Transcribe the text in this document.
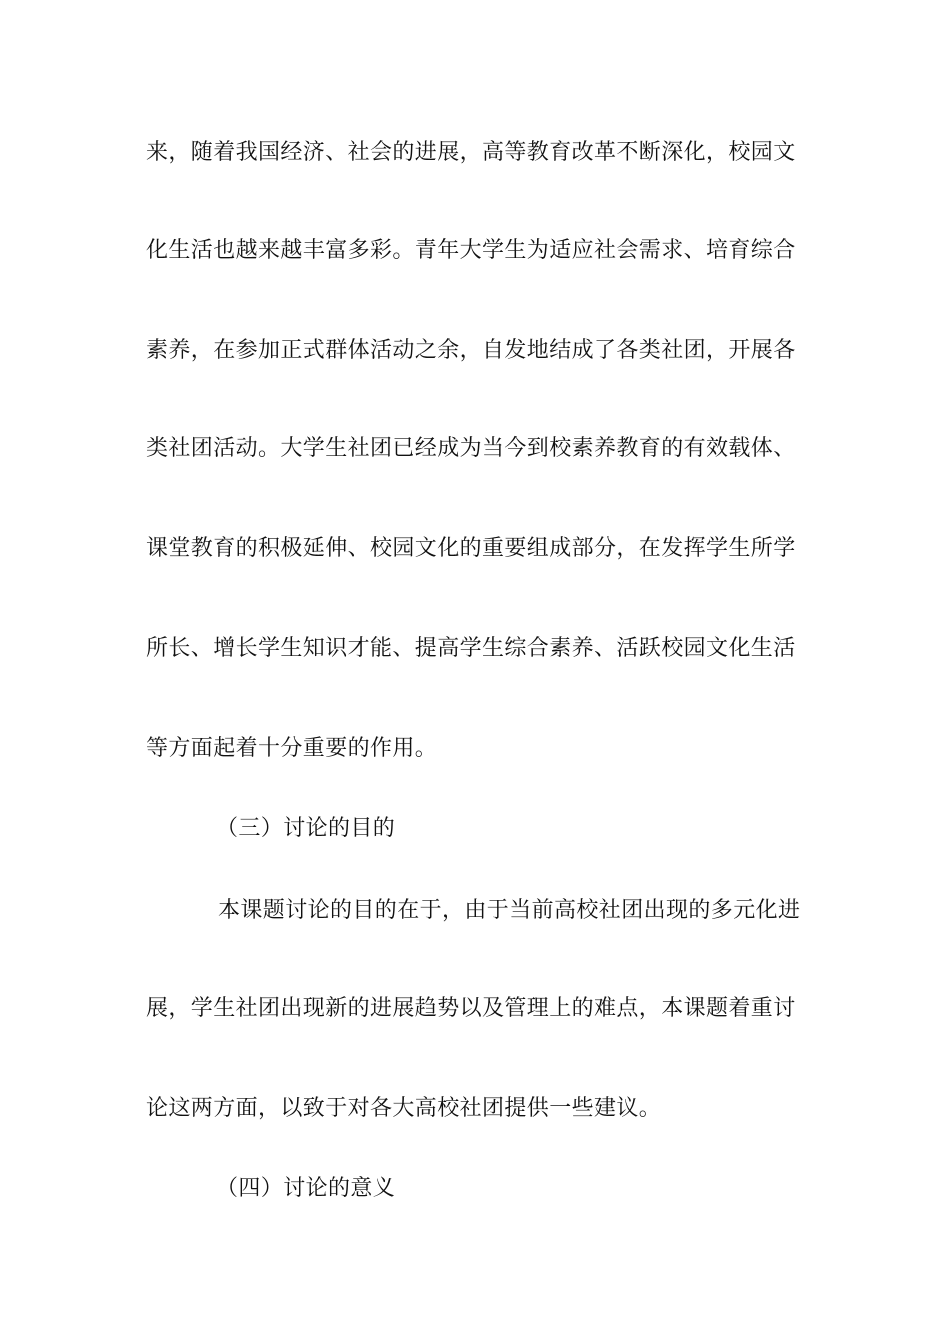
来，随着我国经济、社会的进展，高等教育改革不断深化，校园文
化生活也越来越丰富多彩。青年大学生为适应社会需求、培育综合
素养，在参加正式群体活动之余，自发地结成了各类社团，开展各
类社团活动。大学生社团已经成为当今到校素养教育的有效载体、
课堂教育的积极延伸、校园文化的重要组成部分，在发挥学生所学
所长、增长学生知识才能、提高学生综合素养、活跃校园文化生活
等方面起着十分重要的作用。
（三）讨论的目的
本课题讨论的目的在于，由于当前高校社团出现的多元化进
展，学生社团出现新的进展趋势以及管理上的难点，本课题着重讨
论这两方面，以致于对各大高校社团提供一些建议。
（四）讨论的意义
